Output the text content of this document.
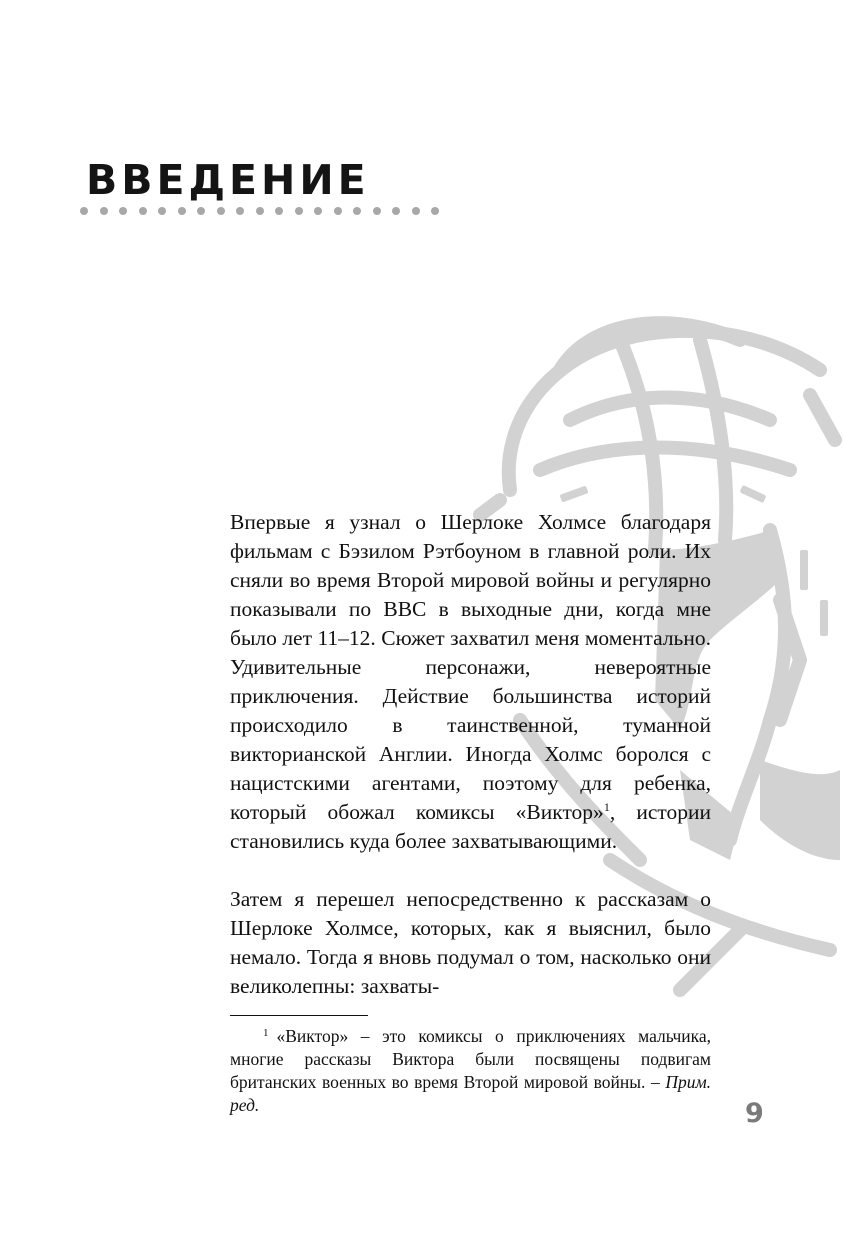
ВВЕДЕНИЕ

Впервые я узнал о Шерлоке Холмсе благодаря фильмам с Бэзилом Рэтбоуном в главной роли. Их сняли во время Второй мировой войны и регулярно показывали по BBC в выходные дни, когда мне было лет 11–12. Сюжет захватил меня моментально. Удивительные персонажи, невероятные приключения. Действие большинства историй происходило в таинственной, туманной викторианской Англии. Иногда Холмс боролся с нацистскими агентами, поэтому для ребенка, который обожал комиксы «Виктор»$^1$, истории становились куда более захватывающими.

Затем я перешел непосредственно к рассказам о Шерлоке Холмсе, которых, как я выяснил, было немало. Тогда я вновь подумал о том, насколько они великолепны: захваты-

$^1$ «Виктор» – это комиксы о приключениях мальчика, многие рассказы Виктора были посвящены подвигам британских военных во время Второй мировой войны. – Прим. ред.	9
